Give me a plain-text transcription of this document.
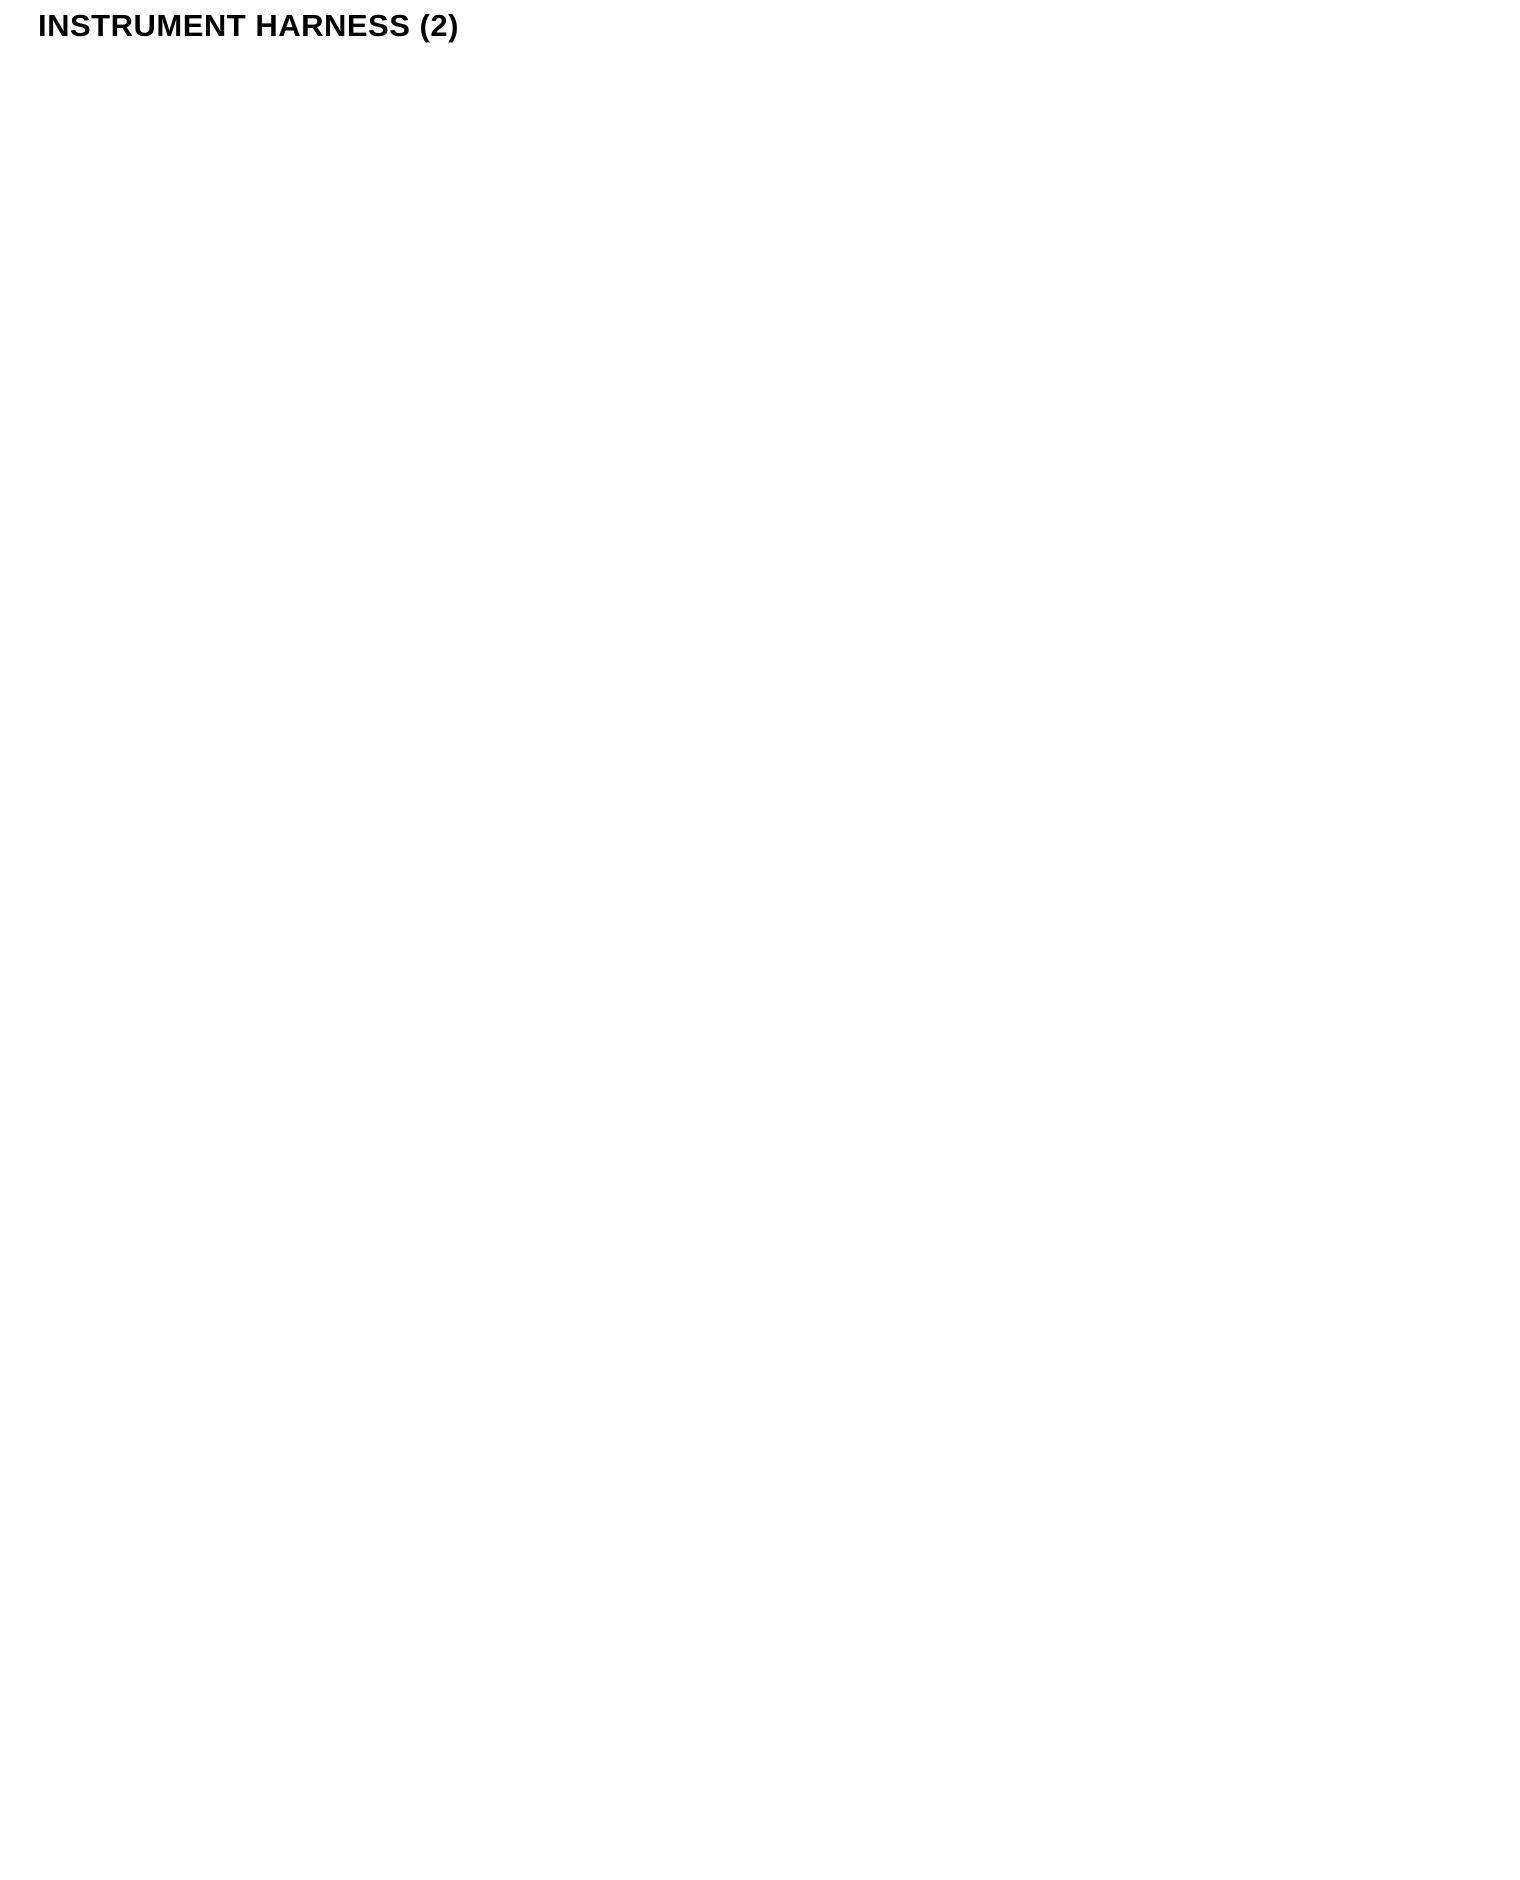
INSTRUMENT HARNESS (2)
